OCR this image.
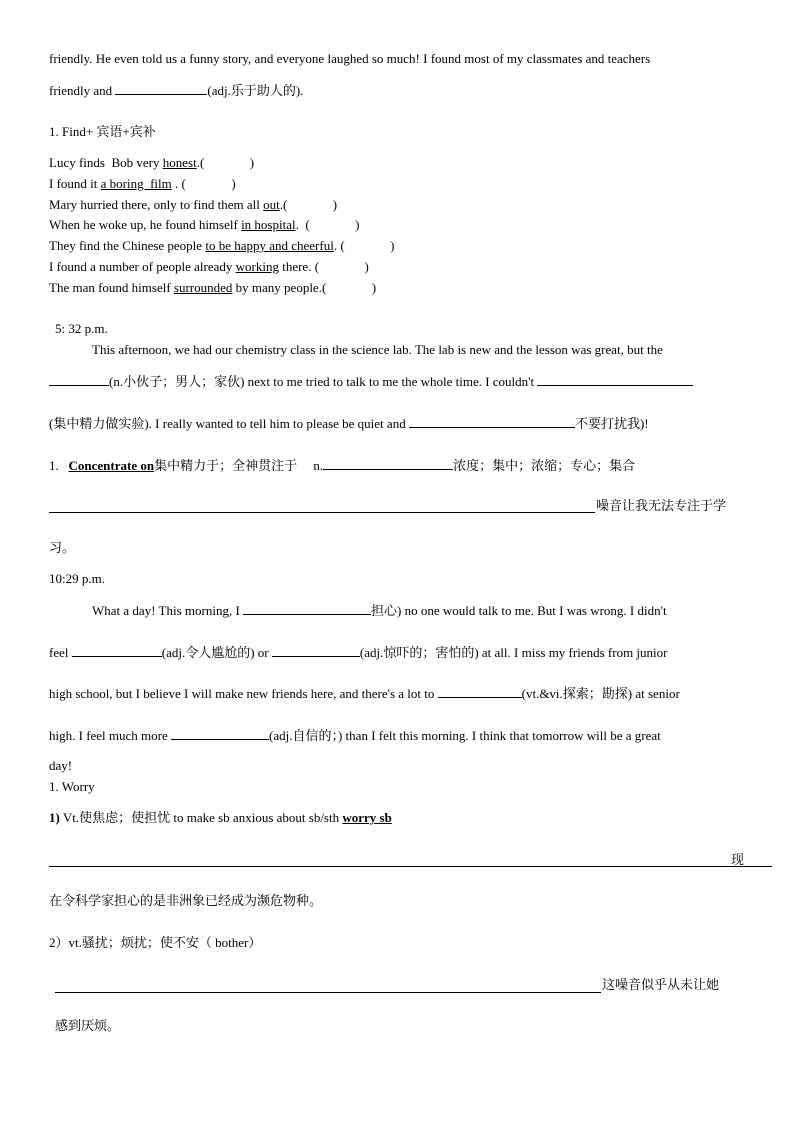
friendly. He even told us a funny story, and everyone laughed so much! I found most of my classmates and teachers
friendly and	(adj.乐于助人的).
1. Find+ 宾语+宾补
Lucy finds  Bob very honest.(              )
I found it a boring  film . (              )
Mary hurried there, only to find them all out.(              )
When he woke up, he found himself in hospital.  (              )
They find the Chinese people to be happy and cheerful. (              )
I found a number of people already working there. (              )
The man found himself surrounded by many people.(              )
5: 32 p.m.
This afternoon, we had our chemistry class in the science lab. The lab is new and the lesson was great, but the
(n.小伙子；男人；家伙) next to me tried to talk to me the whole time. I couldn't
(集中精力做实验). I really wanted to tell him to please be quiet and	不要打扰我)!
1. Concentrate on集中精力于；全神贯注于 n.	浓度；集中；浓缩；专心；集合
噪音让我无法专注于学
习。
10:29 p.m.
What a day! This morning, I	担心) no one would talk to me. But I was wrong. I didn't
feel	(adj.令人尴尬的) or	(adj.惊吓的；害怕的) at all. I miss my friends from junior
high school, but I believe I will make new friends here, and there's a lot to	(vt.&vi.探索；勘探) at senior
high. I feel much more	(adj.自信的；) than I felt this morning. I think that tomorrow will be a great
day!
1. Worry
1) Vt.使焦虑；使担忧 to make sb anxious about sb/sth worry sb
现
在令科学家担心的是非洲象已经成为濒危物种。
2）vt.骚扰；烦扰；使不安（ bother）
这噪音似乎从未让她
感到厌烦。
